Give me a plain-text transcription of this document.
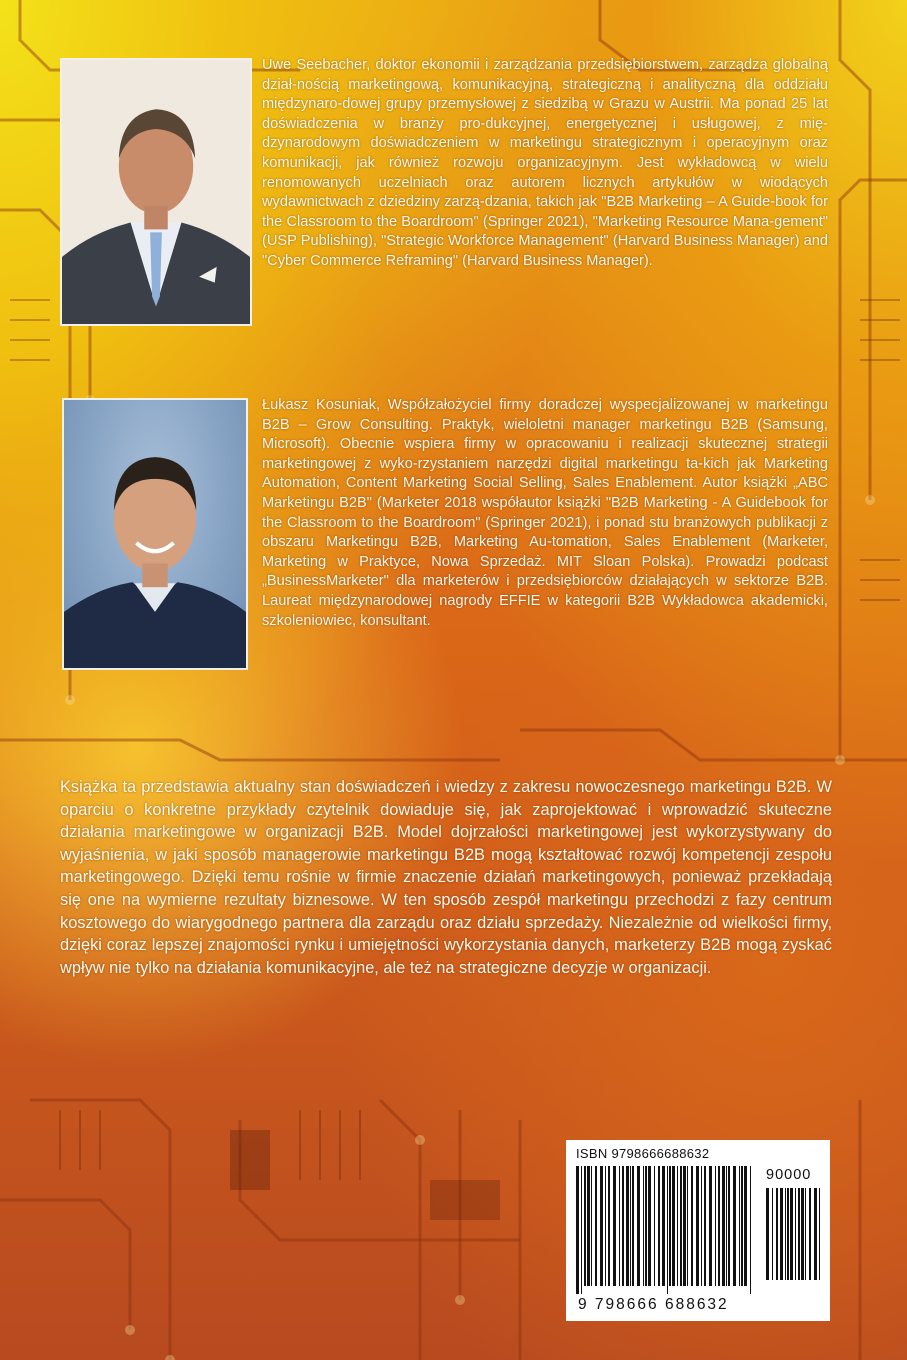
Uwe Seebacher, doktor ekonomii i zarządzania przedsiębiorstwem, zarządza globalną dział-nością marketingową, komunikacyjną, strategiczną i analityczną dla oddziału międzynaro-dowej grupy przemysłowej z siedzibą w Grazu w Austrii. Ma ponad 25 lat doświadczenia w branży pro-dukcyjnej, energetycznej i usługowej, z mię-dzynarodowym doświadczeniem w marketingu strategicznym i operacyjnym oraz komunikacji, jak również rozwoju organizacyjnym. Jest wykładowcą w wielu renomowanych uczelniach oraz autorem licznych artykułów w wiodących wydawnictwach z dziedziny zarzą-dzania, takich jak "B2B Marketing – A Guide-book for the Classroom to the Boardroom" (Springer 2021), "Marketing Resource Mana-gement" (USP Publishing), "Strategic Workforce Management" (Harvard Business Manager) and "Cyber Commerce Reframing" (Harvard Business Manager).
Łukasz Kosuniak, Współzałożyciel firmy doradczej wyspecjalizowanej w marketingu B2B – Grow Consulting. Praktyk, wieloletni manager marketingu B2B (Samsung, Microsoft). Obecnie wspiera firmy w opracowaniu i realizacji skutecznej strategii marketingowej z wyko-rzystaniem narzędzi digital marketingu ta-kich jak Marketing Automation, Content Marketing Social Selling, Sales Enablement. Autor książki „ABC Marketingu B2B" (Marketer 2018 współautor książki "B2B Marketing - A Guidebook for the Classroom to the Boardroom" (Springer 2021), i ponad stu branżowych publikacji z obszaru Marketingu B2B, Marketing Au-tomation, Sales Enablement (Marketer, Marketing w Praktyce, Nowa Sprzedaż. MIT Sloan Polska). Prowadzi podcast „BusinessMarketer" dla marketerów i przedsiębiorców działających w sektorze B2B. Laureat międzynarodowej nagrody EFFIE w kategorii B2B Wykładowca akademicki, szkoleniowiec, konsultant.
Książka ta przedstawia aktualny stan doświadczeń i wiedzy z zakresu nowoczesnego marketingu B2B. W oparciu o konkretne przykłady czytelnik dowiaduje się, jak zaprojektować i wprowadzić skuteczne działania marketingowe w organizacji B2B. Model dojrzałości marketingowej jest wykorzystywany do wyjaśnienia, w jaki sposób managerowie marketingu B2B mogą kształtować rozwój kompetencji zespołu marketingowego. Dzięki temu rośnie w firmie znaczenie działań marketingowych, ponieważ przekładają się one na wymierne rezultaty biznesowe. W ten sposób zespół marketingu przechodzi z fazy centrum kosztowego do wiarygodnego partnera dla zarządu oraz działu sprzedaży. Niezależnie od wielkości firmy, dzięki coraz lepszej znajomości rynku i umiejętności wykorzystania danych, marketerzy B2B mogą zyskać wpływ nie tylko na działania komunikacyjne, ale też na strategiczne decyzje w organizacji.
ISBN 9798666688632
90000
9 798666 688632
